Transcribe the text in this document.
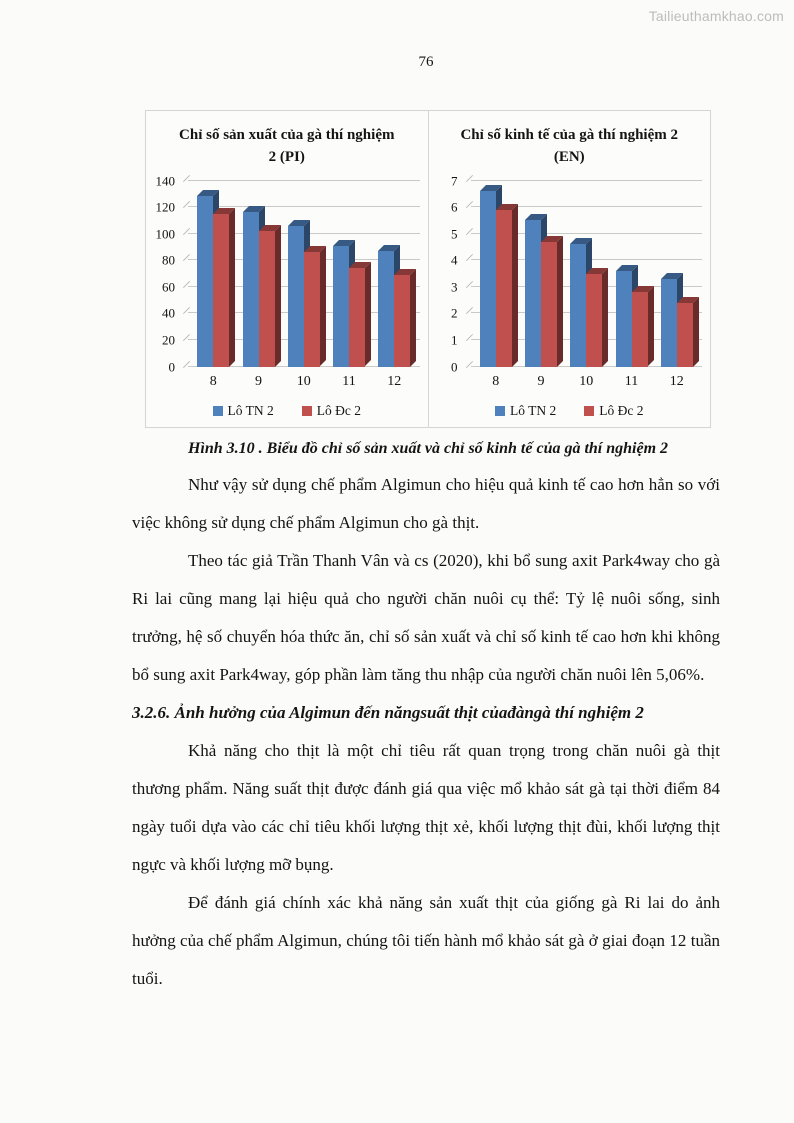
Tailieuthamkhao.com
76
Chỉ số sản xuất của gà thí nghiệm 2 (PI)
0
20
40
60
80
100
120
140
8	9	10	11	12
Lô TN 2	Lô Đc 2
Chỉ số kinh tế của gà thí nghiệm 2 (EN)
0
1
2
3
4
5
6
7
8	9	10	11	12
Lô TN 2	Lô Đc 2
Hình 3.10 . Biểu đồ chỉ số sản xuất và chỉ số kinh tế của gà thí nghiệm 2

Như vậy sử dụng chế phẩm Algimun cho hiệu quả kinh tế cao hơn hẳn so với việc không sử dụng chế phẩm Algimun cho gà thịt.

Theo tác giả Trần Thanh Vân và cs (2020), khi bổ sung axit Park4way cho gà Ri lai cũng mang lại hiệu quả cho người chăn nuôi cụ thể: Tỷ lệ nuôi sống, sinh trưởng, hệ số chuyển hóa thức ăn, chỉ số sản xuất và chỉ số kinh tế cao hơn khi không bổ sung axit Park4way, góp phần làm tăng thu nhập của người chăn nuôi lên 5,06%.

3.2.6. Ảnh hưởng của Algimun đến năngsuất thịt củađàngà thí nghiệm 2

Khả năng cho thịt là một chỉ tiêu rất quan trọng trong chăn nuôi gà thịt thương phẩm. Năng suất thịt được đánh giá qua việc mổ khảo sát gà tại thời điểm 84 ngày tuổi dựa vào các chỉ tiêu khối lượng thịt xẻ, khối lượng thịt đùi, khối lượng thịt ngực và khối lượng mỡ bụng.

Để đánh giá chính xác khả năng sản xuất thịt của giống gà Ri lai do ảnh hưởng của chế phẩm Algimun, chúng tôi tiến hành mổ khảo sát gà ở giai đoạn 12 tuần tuổi.
